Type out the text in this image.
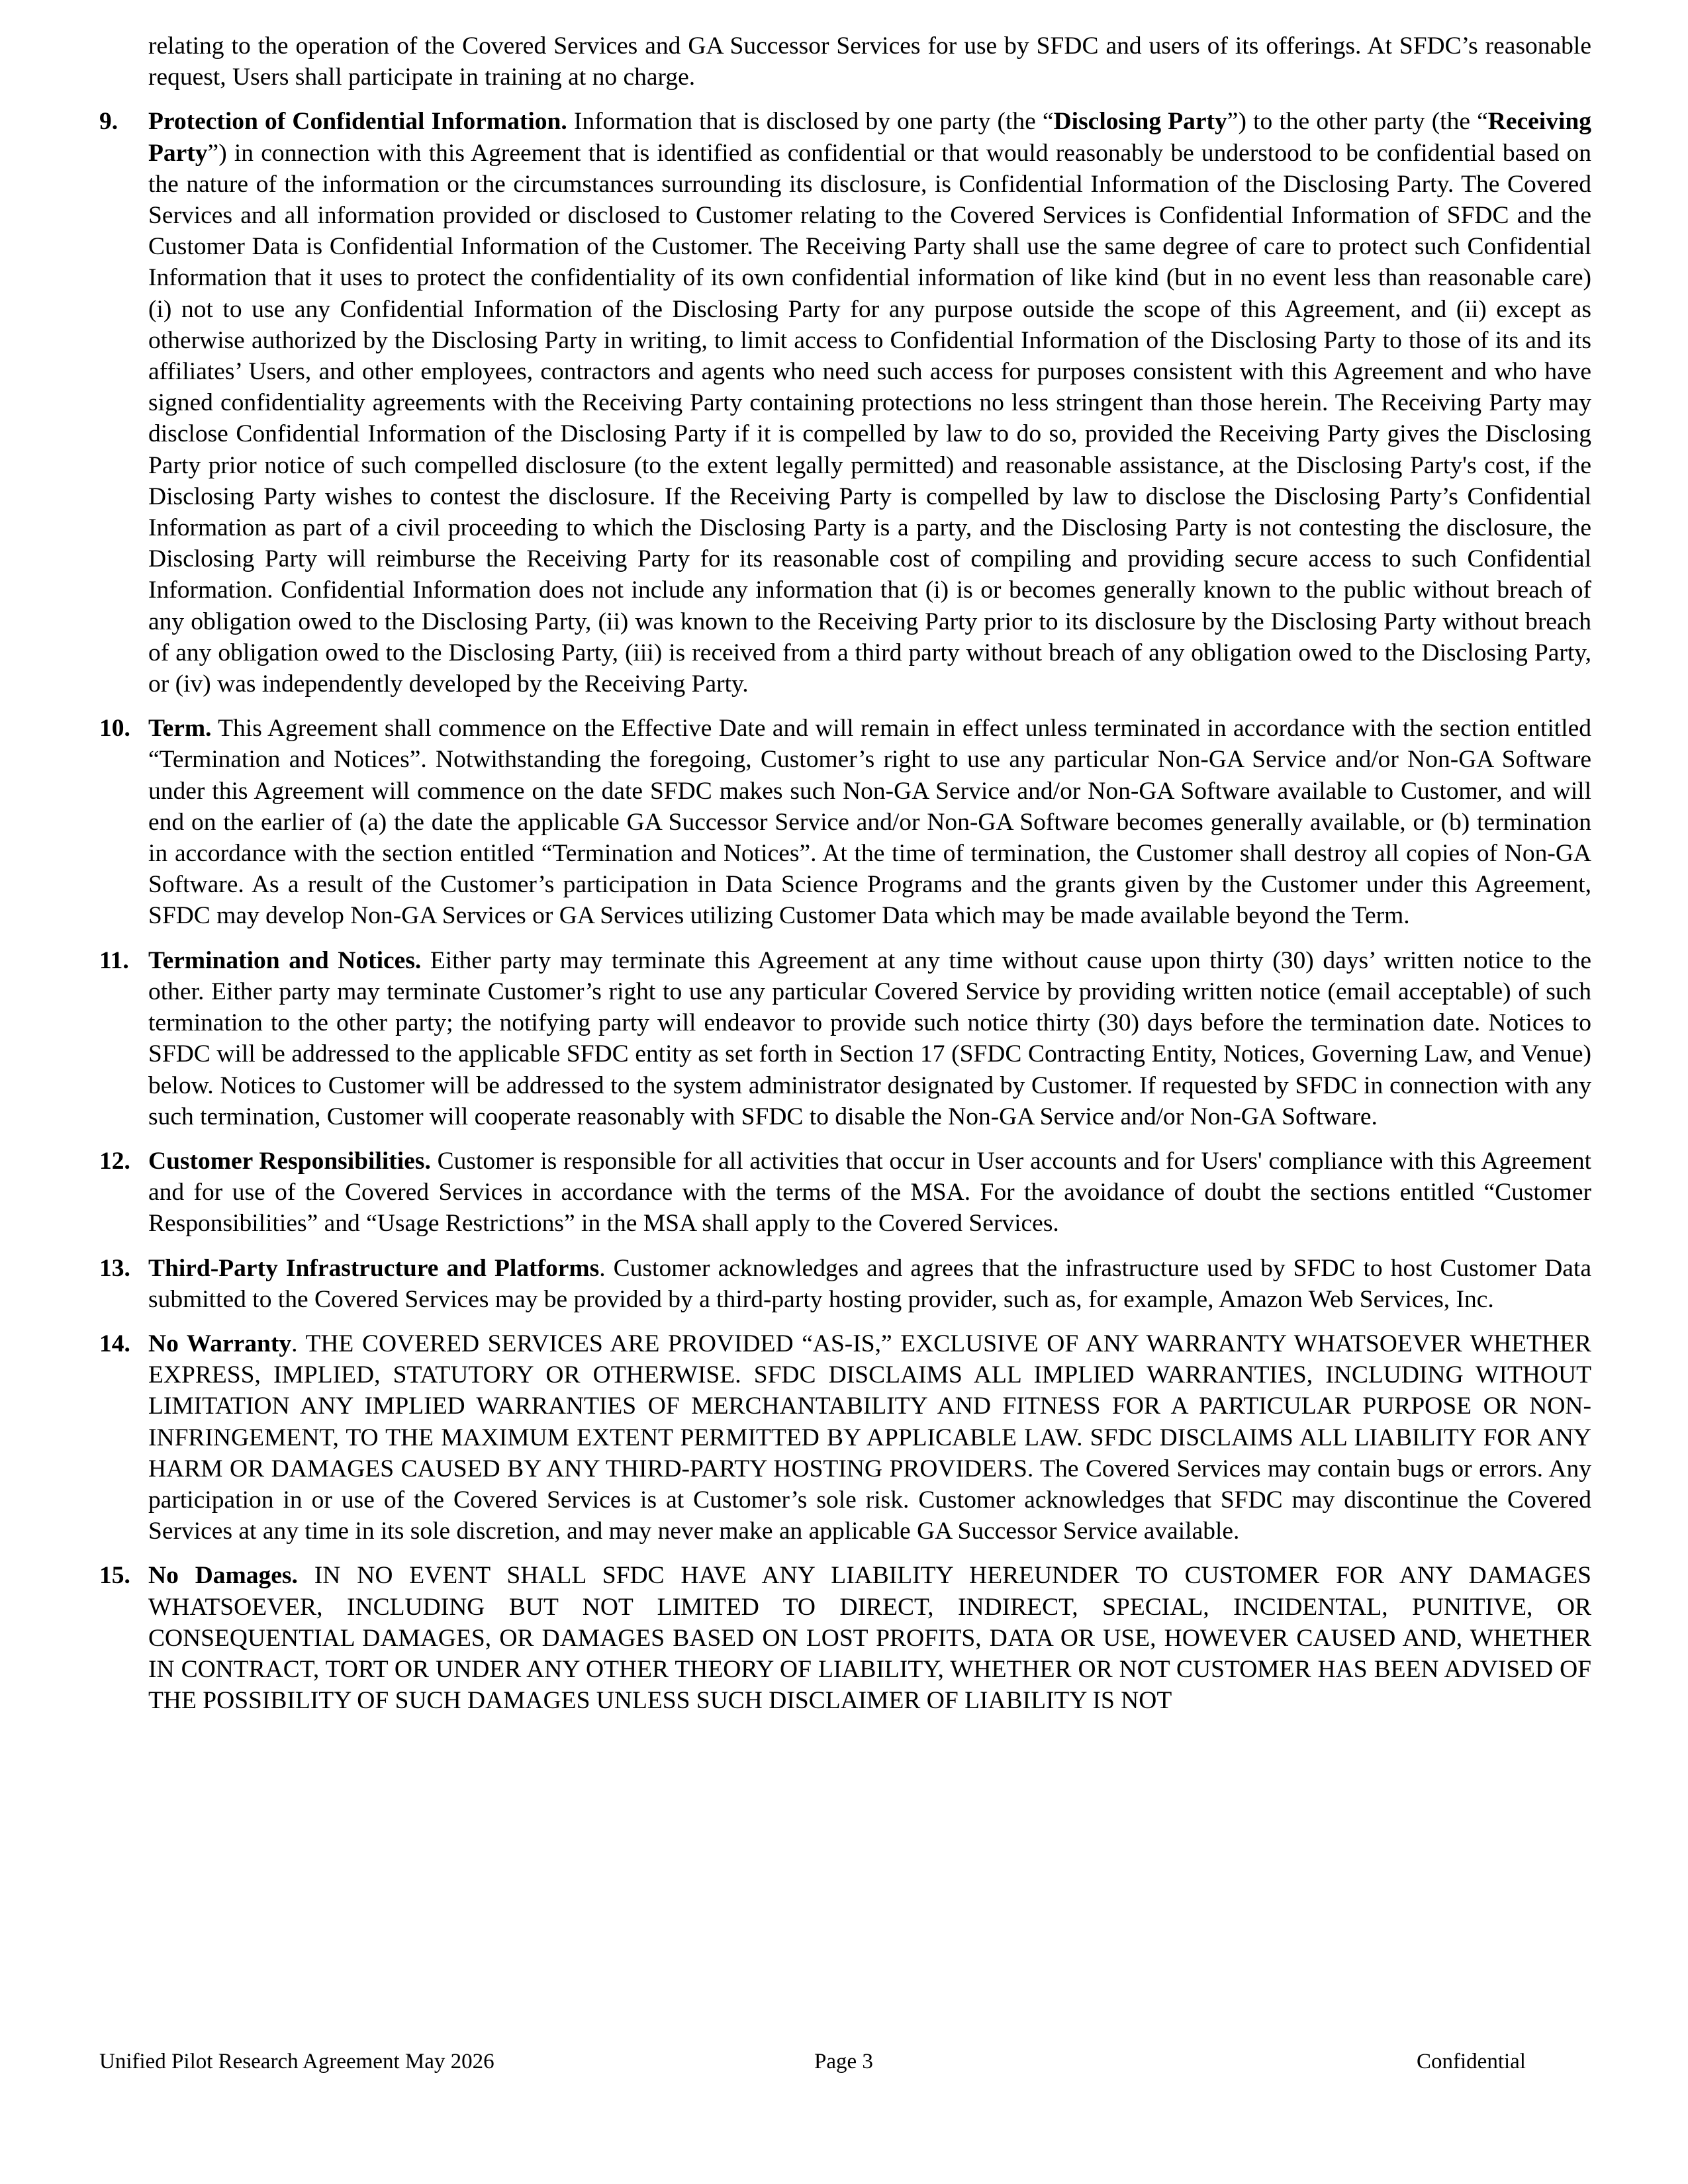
relating to the operation of the Covered Services and GA Successor Services for use by SFDC and users of its offerings. At SFDC’s reasonable request, Users shall participate in training at no charge.

9. Protection of Confidential Information. Information that is disclosed by one party (the “Disclosing Party”) to the other party (the “Receiving Party”) in connection with this Agreement that is identified as confidential or that would reasonably be understood to be confidential based on the nature of the information or the circumstances surrounding its disclosure, is Confidential Information of the Disclosing Party. The Covered Services and all information provided or disclosed to Customer relating to the Covered Services is Confidential Information of SFDC and the Customer Data is Confidential Information of the Customer. The Receiving Party shall use the same degree of care to protect such Confidential Information that it uses to protect the confidentiality of its own confidential information of like kind (but in no event less than reasonable care) (i) not to use any Confidential Information of the Disclosing Party for any purpose outside the scope of this Agreement, and (ii) except as otherwise authorized by the Disclosing Party in writing, to limit access to Confidential Information of the Disclosing Party to those of its and its affiliates’ Users, and other employees, contractors and agents who need such access for purposes consistent with this Agreement and who have signed confidentiality agreements with the Receiving Party containing protections no less stringent than those herein. The Receiving Party may disclose Confidential Information of the Disclosing Party if it is compelled by law to do so, provided the Receiving Party gives the Disclosing Party prior notice of such compelled disclosure (to the extent legally permitted) and reasonable assistance, at the Disclosing Party's cost, if the Disclosing Party wishes to contest the disclosure. If the Receiving Party is compelled by law to disclose the Disclosing Party’s Confidential Information as part of a civil proceeding to which the Disclosing Party is a party, and the Disclosing Party is not contesting the disclosure, the Disclosing Party will reimburse the Receiving Party for its reasonable cost of compiling and providing secure access to such Confidential Information. Confidential Information does not include any information that (i) is or becomes generally known to the public without breach of any obligation owed to the Disclosing Party, (ii) was known to the Receiving Party prior to its disclosure by the Disclosing Party without breach of any obligation owed to the Disclosing Party, (iii) is received from a third party without breach of any obligation owed to the Disclosing Party, or (iv) was independently developed by the Receiving Party.

10. Term. This Agreement shall commence on the Effective Date and will remain in effect unless terminated in accordance with the section entitled “Termination and Notices”. Notwithstanding the foregoing, Customer’s right to use any particular Non-GA Service and/or Non-GA Software under this Agreement will commence on the date SFDC makes such Non-GA Service and/or Non-GA Software available to Customer, and will end on the earlier of (a) the date the applicable GA Successor Service and/or Non-GA Software becomes generally available, or (b) termination in accordance with the section entitled “Termination and Notices”. At the time of termination, the Customer shall destroy all copies of Non-GA Software. As a result of the Customer’s participation in Data Science Programs and the grants given by the Customer under this Agreement, SFDC may develop Non-GA Services or GA Services utilizing Customer Data which may be made available beyond the Term.

11. Termination and Notices. Either party may terminate this Agreement at any time without cause upon thirty (30) days’ written notice to the other. Either party may terminate Customer’s right to use any particular Covered Service by providing written notice (email acceptable) of such termination to the other party; the notifying party will endeavor to provide such notice thirty (30) days before the termination date. Notices to SFDC will be addressed to the applicable SFDC entity as set forth in Section 17 (SFDC Contracting Entity, Notices, Governing Law, and Venue) below. Notices to Customer will be addressed to the system administrator designated by Customer. If requested by SFDC in connection with any such termination, Customer will cooperate reasonably with SFDC to disable the Non-GA Service and/or Non-GA Software.

12. Customer Responsibilities. Customer is responsible for all activities that occur in User accounts and for Users' compliance with this Agreement and for use of the Covered Services in accordance with the terms of the MSA. For the avoidance of doubt the sections entitled “Customer Responsibilities” and “Usage Restrictions” in the MSA shall apply to the Covered Services.

13. Third-Party Infrastructure and Platforms. Customer acknowledges and agrees that the infrastructure used by SFDC to host Customer Data submitted to the Covered Services may be provided by a third-party hosting provider, such as, for example, Amazon Web Services, Inc.

14. No Warranty. THE COVERED SERVICES ARE PROVIDED “AS-IS,” EXCLUSIVE OF ANY WARRANTY WHATSOEVER WHETHER EXPRESS, IMPLIED, STATUTORY OR OTHERWISE. SFDC DISCLAIMS ALL IMPLIED WARRANTIES, INCLUDING WITHOUT LIMITATION ANY IMPLIED WARRANTIES OF MERCHANTABILITY AND FITNESS FOR A PARTICULAR PURPOSE OR NON-INFRINGEMENT, TO THE MAXIMUM EXTENT PERMITTED BY APPLICABLE LAW. SFDC DISCLAIMS ALL LIABILITY FOR ANY HARM OR DAMAGES CAUSED BY ANY THIRD-PARTY HOSTING PROVIDERS. The Covered Services may contain bugs or errors. Any participation in or use of the Covered Services is at Customer’s sole risk. Customer acknowledges that SFDC may discontinue the Covered Services at any time in its sole discretion, and may never make an applicable GA Successor Service available.

15. No Damages. IN NO EVENT SHALL SFDC HAVE ANY LIABILITY HEREUNDER TO CUSTOMER FOR ANY DAMAGES WHATSOEVER, INCLUDING BUT NOT LIMITED TO DIRECT, INDIRECT, SPECIAL, INCIDENTAL, PUNITIVE, OR CONSEQUENTIAL DAMAGES, OR DAMAGES BASED ON LOST PROFITS, DATA OR USE, HOWEVER CAUSED AND, WHETHER IN CONTRACT, TORT OR UNDER ANY OTHER THEORY OF LIABILITY, WHETHER OR NOT CUSTOMER HAS BEEN ADVISED OF THE POSSIBILITY OF SUCH DAMAGES UNLESS SUCH DISCLAIMER OF LIABILITY IS NOT

Unified Pilot Research Agreement May 2026	Page 3	Confidential
